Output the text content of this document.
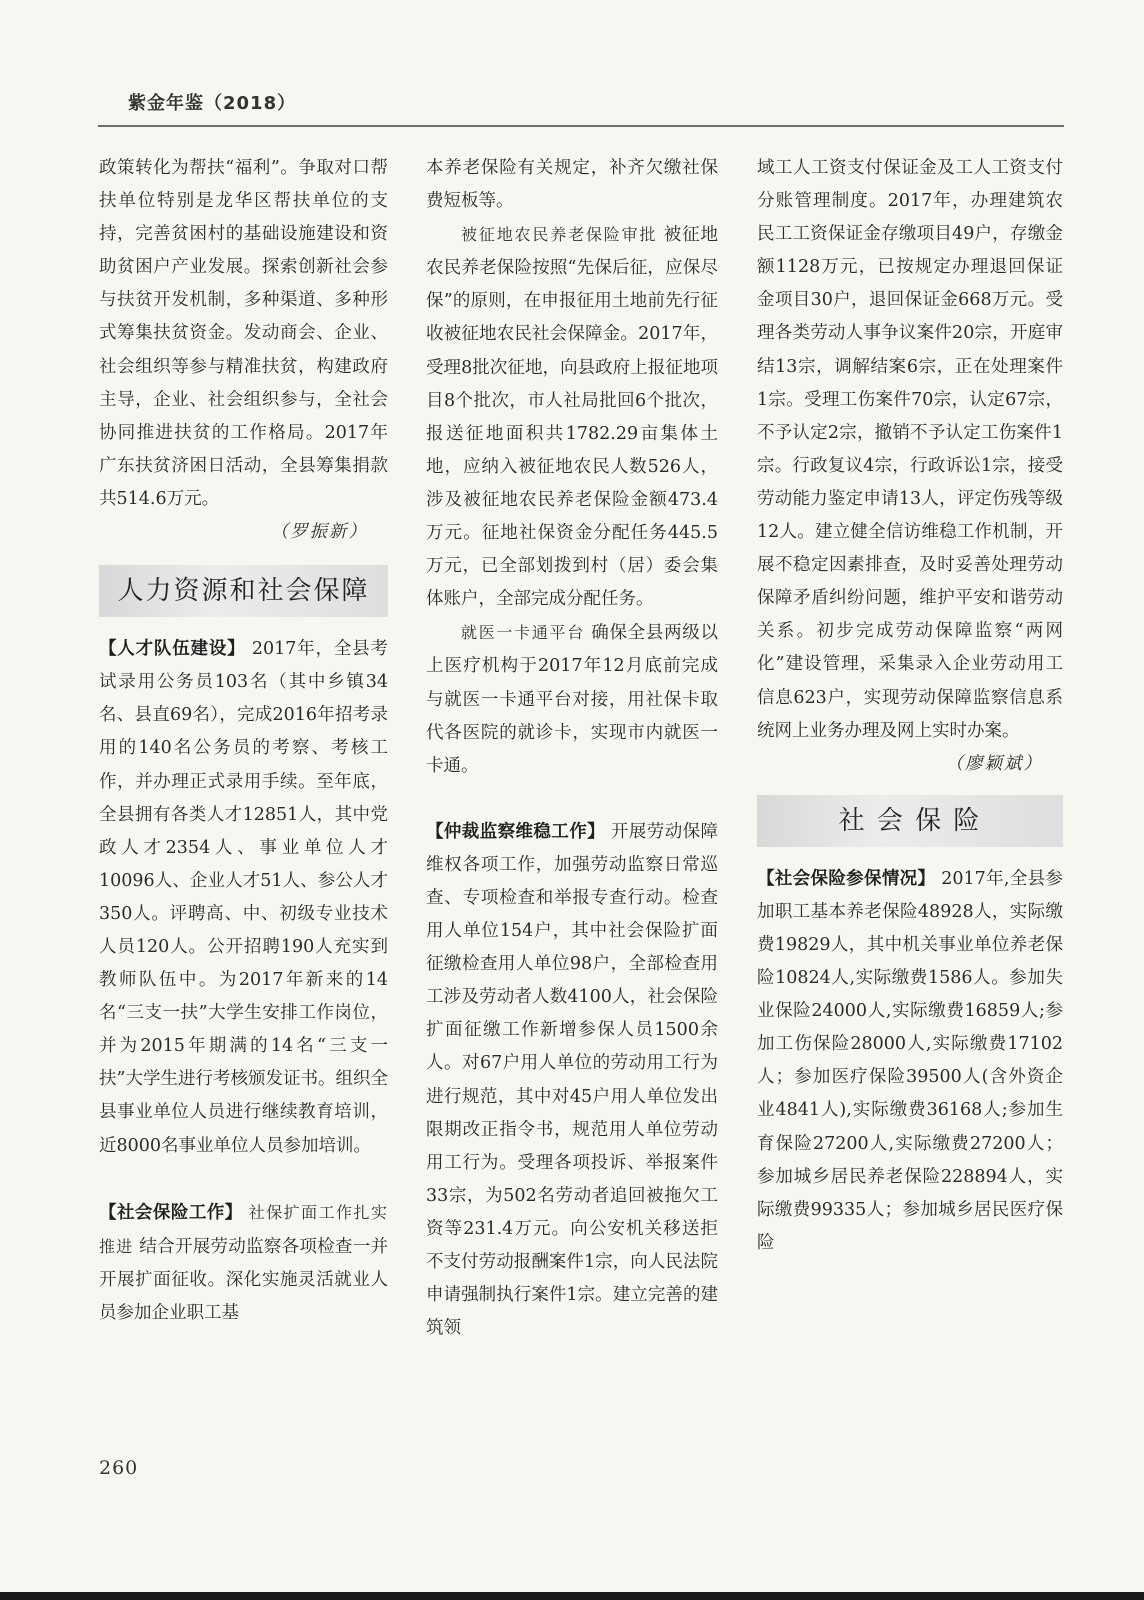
紫金年鉴（2018）

政策转化为帮扶“福利”。争取对口帮扶单位特别是龙华区帮扶单位的支持，完善贫困村的基础设施建设和资助贫困户产业发展。探索创新社会参与扶贫开发机制，多种渠道、多种形式筹集扶贫资金。发动商会、企业、社会组织等参与精准扶贫，构建政府主导，企业、社会组织参与，全社会协同推进扶贫的工作格局。2017年广东扶贫济困日活动，全县筹集捐款共514.6万元。

（罗振新）

人力资源和社会保障

【人才队伍建设】 2017年，全县考试录用公务员103名（其中乡镇34名、县直69名），完成2016年招考录用的140名公务员的考察、考核工作，并办理正式录用手续。至年底，全县拥有各类人才12851人，其中党政人才2354人、事业单位人才10096人、企业人才51人、参公人才350人。评聘高、中、初级专业技术人员120人。公开招聘190人充实到教师队伍中。为2017年新来的14名“三支一扶”大学生安排工作岗位，并为2015年期满的14名“三支一扶”大学生进行考核颁发证书。组织全县事业单位人员进行继续教育培训，近8000名事业单位人员参加培训。

【社会保险工作】 社保扩面工作扎实推进 结合开展劳动监察各项检查一并开展扩面征收。深化实施灵活就业人员参加企业职工基

本养老保险有关规定，补齐欠缴社保费短板等。

被征地农民养老保险审批 被征地农民养老保险按照“先保后征，应保尽保”的原则，在申报征用土地前先行征收被征地农民社会保障金。2017年，受理8批次征地，向县政府上报征地项目8个批次，市人社局批回6个批次，报送征地面积共1782.29亩集体土地，应纳入被征地农民人数526人，涉及被征地农民养老保险金额473.4万元。征地社保资金分配任务445.5万元，已全部划拨到村（居）委会集体账户，全部完成分配任务。

就医一卡通平台 确保全县两级以上医疗机构于2017年12月底前完成与就医一卡通平台对接，用社保卡取代各医院的就诊卡，实现市内就医一卡通。

【仲裁监察维稳工作】 开展劳动保障维权各项工作，加强劳动监察日常巡查、专项检查和举报专查行动。检查用人单位154户，其中社会保险扩面征缴检查用人单位98户，全部检查用工涉及劳动者人数4100人，社会保险扩面征缴工作新增参保人员1500余人。对67户用人单位的劳动用工行为进行规范，其中对45户用人单位发出限期改正指令书，规范用人单位劳动用工行为。受理各项投诉、举报案件33宗，为502名劳动者追回被拖欠工资等231.4万元。向公安机关移送拒不支付劳动报酬案件1宗，向人民法院申请强制执行案件1宗。建立完善的建筑领

域工人工资支付保证金及工人工资支付分账管理制度。2017年，办理建筑农民工工资保证金存缴项目49户，存缴金额1128万元，已按规定办理退回保证金项目30户，退回保证金668万元。受理各类劳动人事争议案件20宗，开庭审结13宗，调解结案6宗，正在处理案件1宗。受理工伤案件70宗，认定67宗，不予认定2宗，撤销不予认定工伤案件1宗。行政复议4宗，行政诉讼1宗，接受劳动能力鉴定申请13人，评定伤残等级12人。建立健全信访维稳工作机制，开展不稳定因素排查，及时妥善处理劳动保障矛盾纠纷问题，维护平安和谐劳动关系。初步完成劳动保障监察“两网化”建设管理，采集录入企业劳动用工信息623户，实现劳动保障监察信息系统网上业务办理及网上实时办案。

（廖颖斌）

社 会 保 险

【社会保险参保情况】 2017年,全县参加职工基本养老保险48928人，实际缴费19829人，其中机关事业单位养老保险10824人,实际缴费1586人。参加失业保险24000人,实际缴费16859人;参加工伤保险28000人,实际缴费17102人；参加医疗保险39500人(含外资企业4841人),实际缴费36168人;参加生育保险27200人,实际缴费27200人；参加城乡居民养老保险228894人，实际缴费99335人；参加城乡居民医疗保险

260
